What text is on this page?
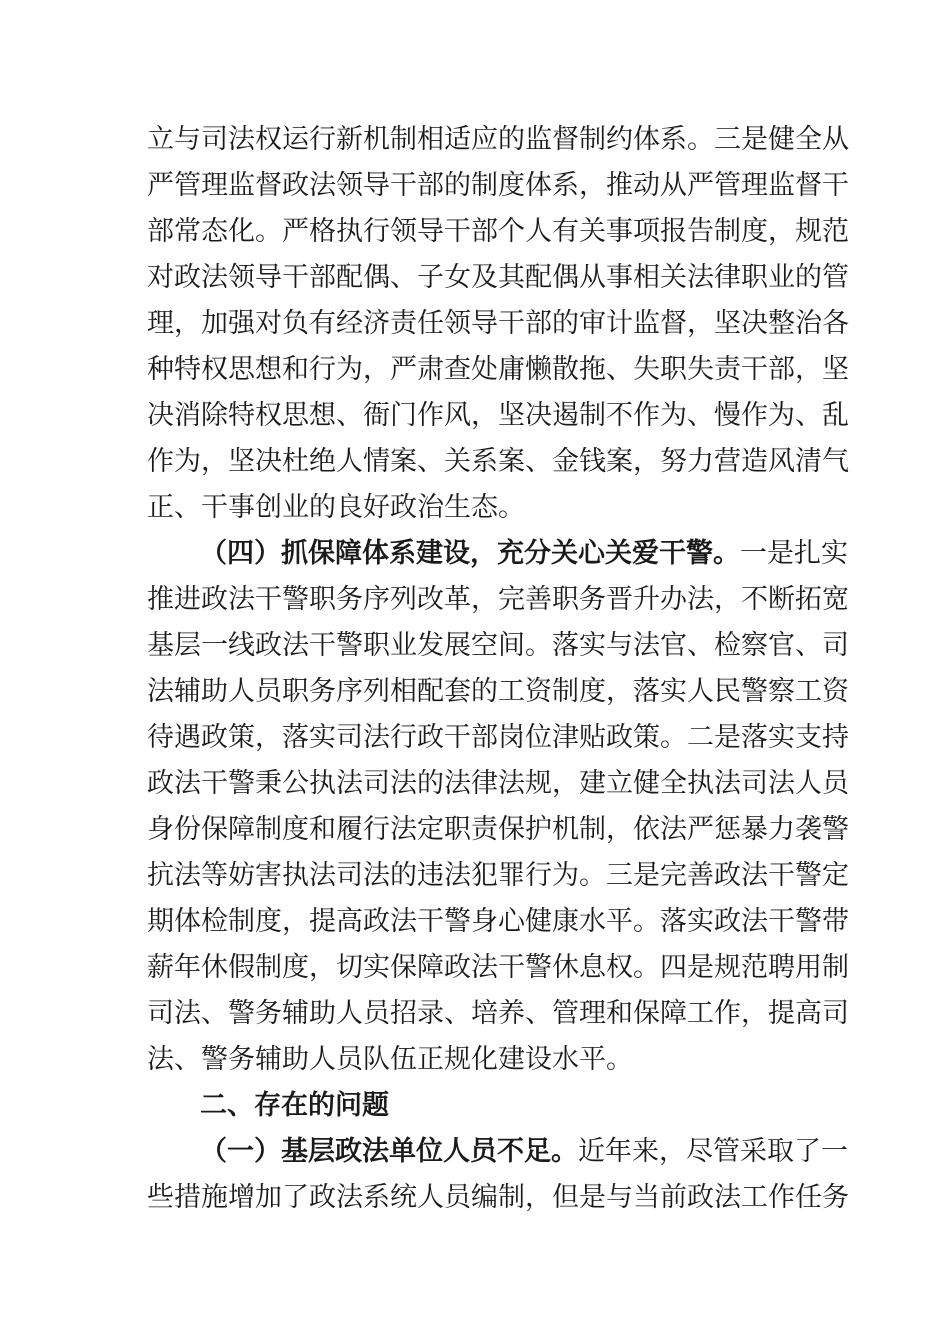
立与司法权运行新机制相适应的监督制约体系。三是健全从
严管理监督政法领导干部的制度体系，推动从严管理监督干
部常态化。严格执行领导干部个人有关事项报告制度，规范
对政法领导干部配偶、子女及其配偶从事相关法律职业的管
理，加强对负有经济责任领导干部的审计监督，坚决整治各
种特权思想和行为，严肃查处庸懒散拖、失职失责干部，坚
决消除特权思想、衙门作风，坚决遏制不作为、慢作为、乱
作为，坚决杜绝人情案、关系案、金钱案，努力营造风清气
正、干事创业的良好政治生态。
（四）抓保障体系建设，充分关心关爱干警。一是扎实
推进政法干警职务序列改革，完善职务晋升办法，不断拓宽
基层一线政法干警职业发展空间。落实与法官、检察官、司
法辅助人员职务序列相配套的工资制度，落实人民警察工资
待遇政策，落实司法行政干部岗位津贴政策。二是落实支持
政法干警秉公执法司法的法律法规，建立健全执法司法人员
身份保障制度和履行法定职责保护机制，依法严惩暴力袭警
抗法等妨害执法司法的违法犯罪行为。三是完善政法干警定
期体检制度，提高政法干警身心健康水平。落实政法干警带
薪年休假制度，切实保障政法干警休息权。四是规范聘用制
司法、警务辅助人员招录、培养、管理和保障工作，提高司
法、警务辅助人员队伍正规化建设水平。
二、存在的问题
（一）基层政法单位人员不足。近年来，尽管采取了一
些措施增加了政法系统人员编制，但是与当前政法工作任务
